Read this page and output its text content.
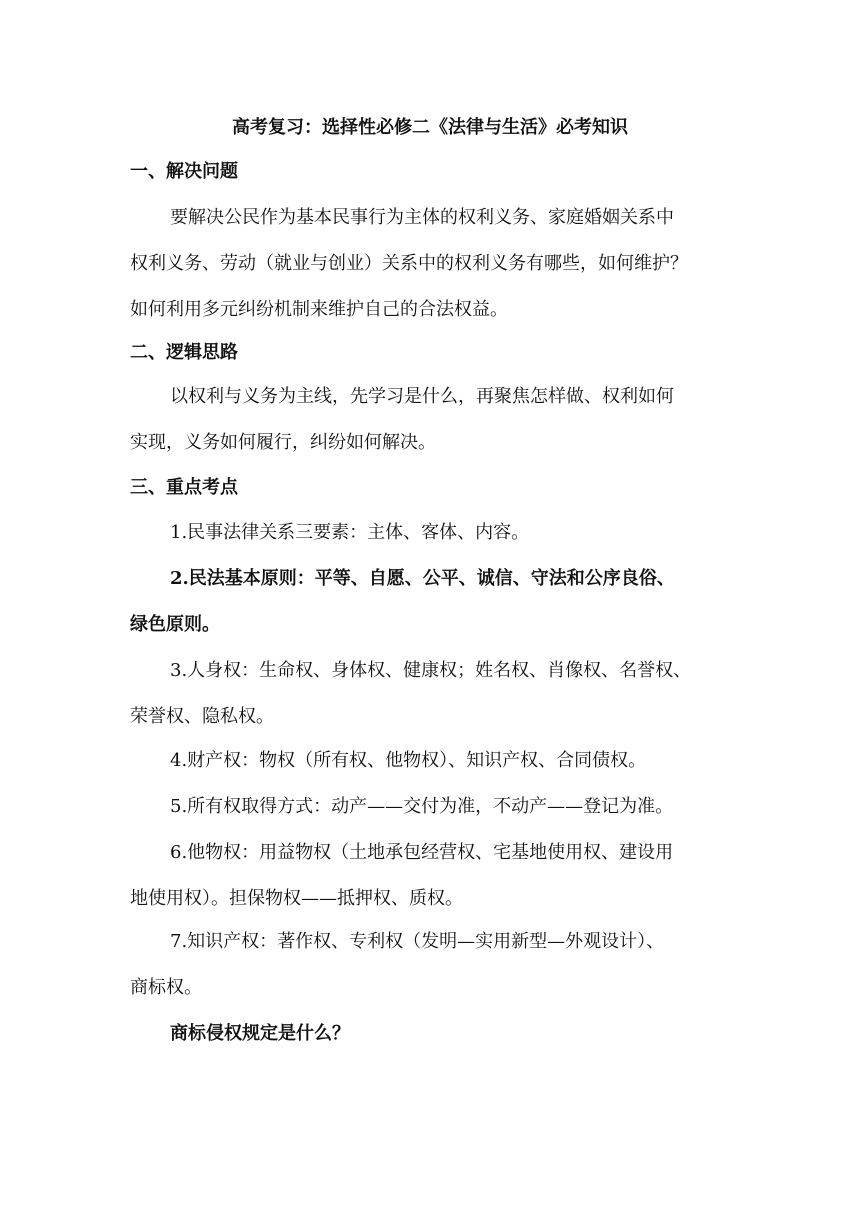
高考复习：选择性必修二《法律与生活》必考知识
一、解决问题
要解决公民作为基本民事行为主体的权利义务、家庭婚姻关系中
权利义务、劳动（就业与创业）关系中的权利义务有哪些，如何维护？
如何利用多元纠纷机制来维护自己的合法权益。
二、逻辑思路
以权利与义务为主线，先学习是什么，再聚焦怎样做、权利如何
实现，义务如何履行，纠纷如何解决。
三、重点考点
1.民事法律关系三要素：主体、客体、内容。
2.民法基本原则：平等、自愿、公平、诚信、守法和公序良俗、
绿色原则。
3.人身权：生命权、身体权、健康权；姓名权、肖像权、名誉权、
荣誉权、隐私权。
4.财产权：物权（所有权、他物权）、知识产权、合同债权。
5.所有权取得方式：动产——交付为准，不动产——登记为准。
6.他物权：用益物权（土地承包经营权、宅基地使用权、建设用
地使用权）。担保物权——抵押权、质权。
7.知识产权：著作权、专利权（发明—实用新型—外观设计）、
商标权。
商标侵权规定是什么？
